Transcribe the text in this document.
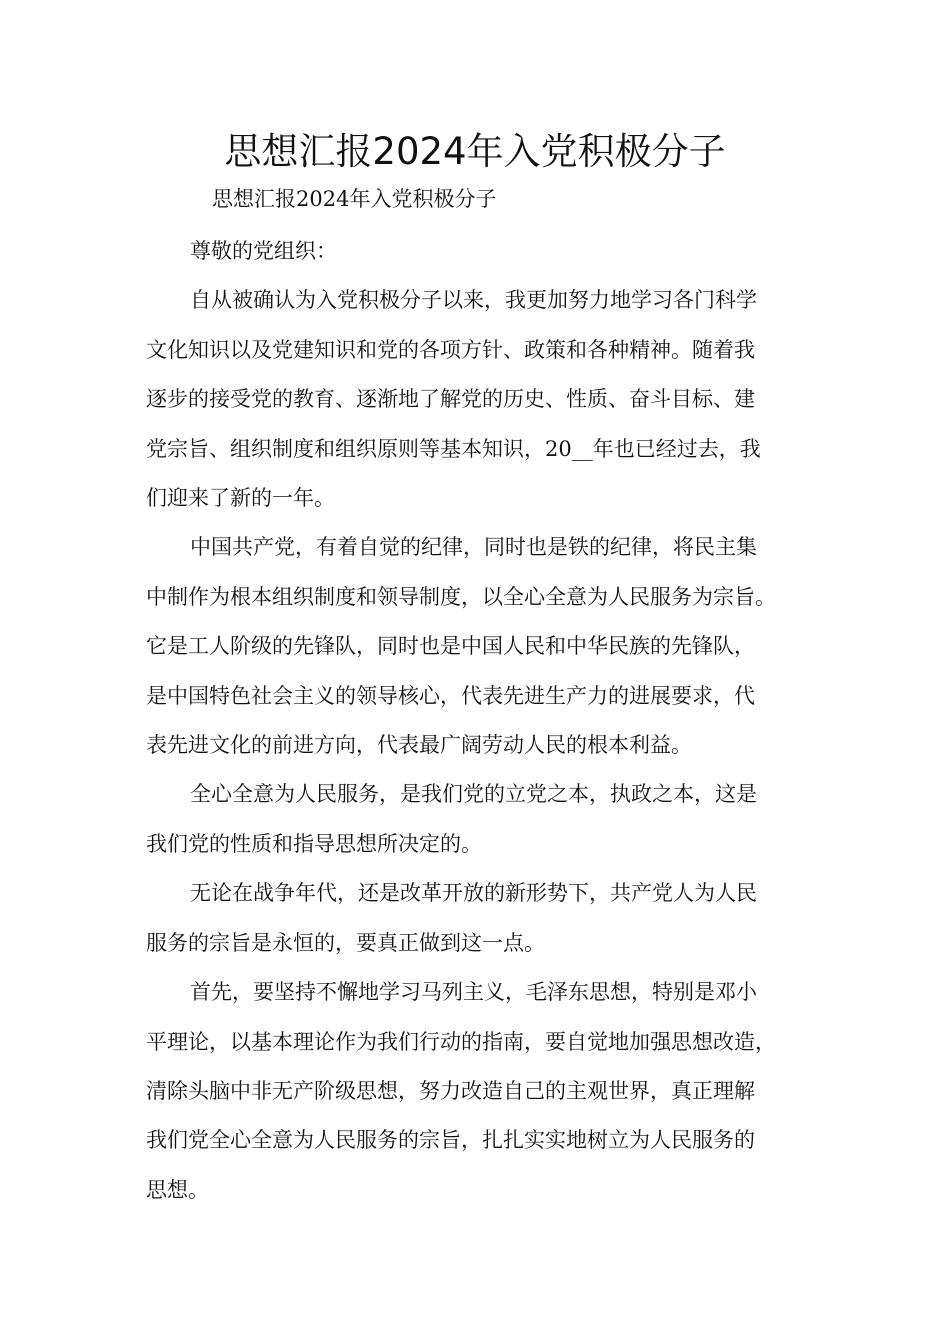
思想汇报2024年入党积极分子
思想汇报2024年入党积极分子

尊敬的党组织：

自从被确认为入党积极分子以来，我更加努力地学习各门科学

文化知识以及党建知识和党的各项方针、政策和各种精神。随着我

逐步的接受党的教育、逐渐地了解党的历史、性质、奋斗目标、建

党宗旨、组织制度和组织原则等基本知识，20__年也已经过去，我

们迎来了新的一年。

中国共产党，有着自觉的纪律，同时也是铁的纪律，将民主集

中制作为根本组织制度和领导制度，以全心全意为人民服务为宗旨。

它是工人阶级的先锋队，同时也是中国人民和中华民族的先锋队，

是中国特色社会主义的领导核心，代表先进生产力的进展要求，代

表先进文化的前进方向，代表最广阔劳动人民的根本利益。

全心全意为人民服务，是我们党的立党之本，执政之本，这是

我们党的性质和指导思想所决定的。

无论在战争年代，还是改革开放的新形势下，共产党人为人民

服务的宗旨是永恒的，要真正做到这一点。

首先，要坚持不懈地学习马列主义，毛泽东思想，特别是邓小

平理论，以基本理论作为我们行动的指南，要自觉地加强思想改造，

清除头脑中非无产阶级思想，努力改造自己的主观世界，真正理解

我们党全心全意为人民服务的宗旨，扎扎实实地树立为人民服务的

思想。
